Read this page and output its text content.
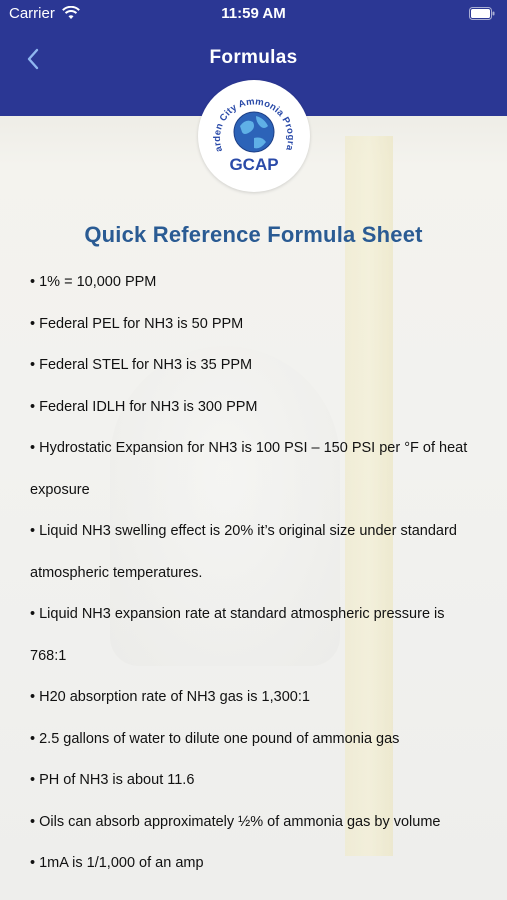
Carrier	11:59 AM
Formulas
arden City Ammonia Progra
GCAP
Quick Reference Formula Sheet
• 1% = 10,000 PPM
• Federal PEL for NH3 is 50 PPM
• Federal STEL for NH3 is 35 PPM
• Federal IDLH for NH3 is 300 PPM
• Hydrostatic Expansion for NH3 is 100 PSI – 150 PSI per °F of heat exposure
• Liquid NH3 swelling effect is 20% it’s original size under standard atmospheric temperatures.
• Liquid NH3 expansion rate at standard atmospheric pressure is 768:1
• H20 absorption rate of NH3 gas is 1,300:1
• 2.5 gallons of water to dilute one pound of ammonia gas
• PH of NH3 is about 11.6
• Oils can absorb approximately ½% of ammonia gas by volume
• 1mA is 1/1,000 of an amp
